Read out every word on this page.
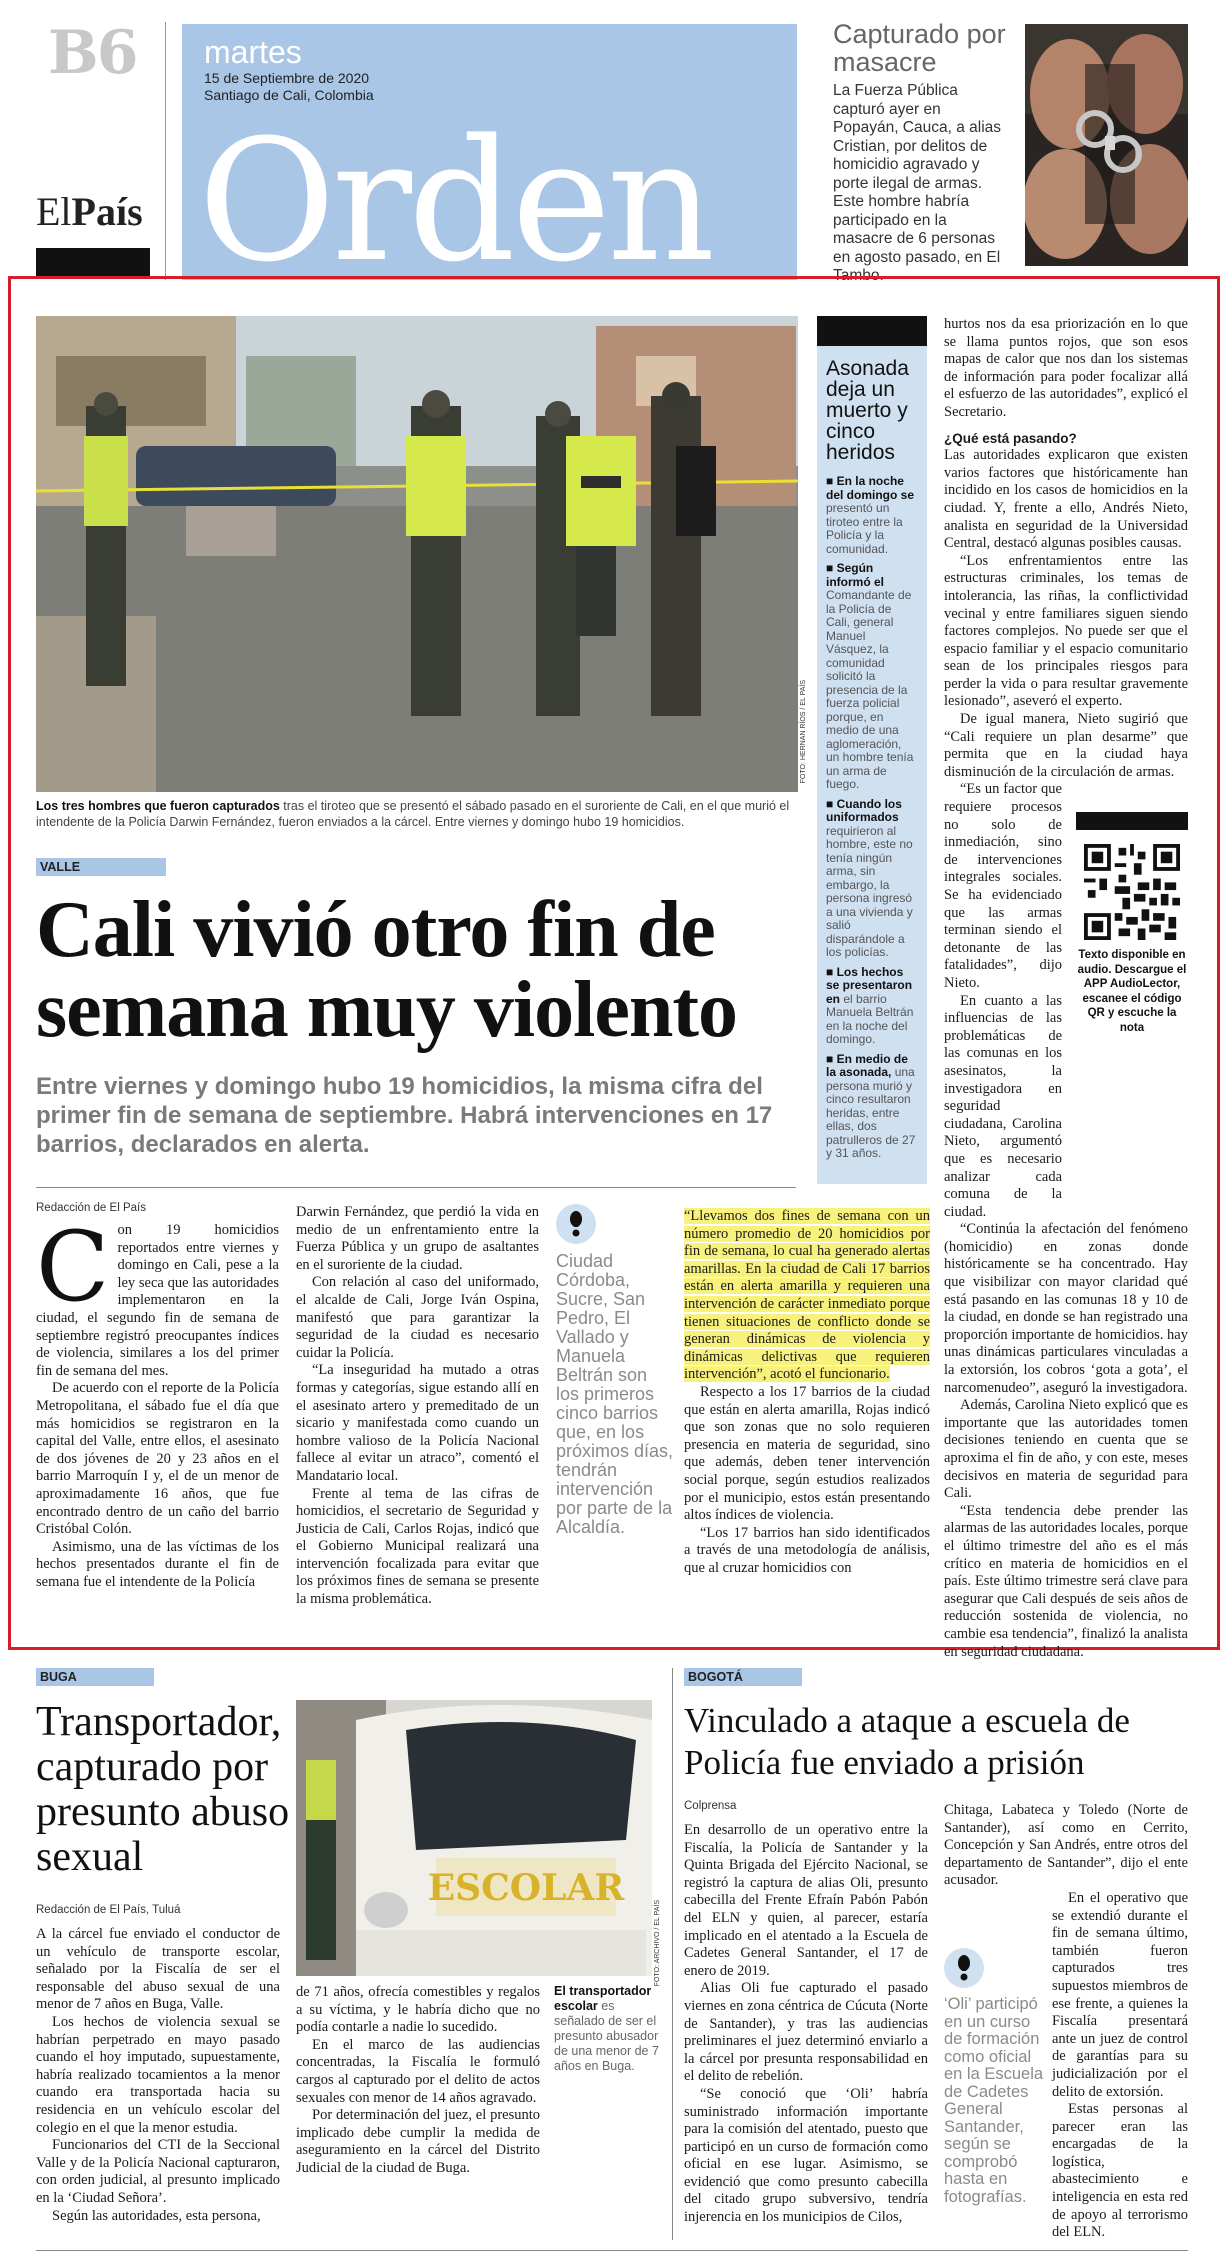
B6
ElPaís
martes
15 de Septiembre de 2020
Santiago de Cali, Colombia
Orden
Capturado por masacre

La Fuerza Pública capturó ayer en Popayán, Cauca, a alias Cristian, por delitos de homicidio agravado y porte ilegal de armas. Este hombre habría participado en la masacre de 6 personas en agosto pasado, en El Tambo.

FOTO: HERNAN RÍOS / EL PAÍS
Los tres hombres que fueron capturados tras el tiroteo que se presentó el sábado pasado en el suroriente de Cali, en el que murió el intendente de la Policía Darwin Fernández, fueron enviados a la cárcel. Entre viernes y domingo hubo 19 homicidios.
VALLE
Cali vivió otro fin de semana muy violento
Entre viernes y domingo hubo 19 homicidios, la misma cifra del primer fin de semana de septiembre. Habrá intervenciones en 17 barrios, declarados en alerta.
Asonada deja un muerto y cinco heridos
■ En la noche del domingo se presentó un tiroteo entre la Policía y la comunidad.
■ Según informó el Comandante de la Policía de Cali, general Manuel Vásquez, la comunidad solicitó la presencia de la fuerza policial porque, en medio de una aglomeración, un hombre tenía un arma de fuego.
■ Cuando los uniformados requirieron al hombre, este no tenía ningún arma, sin embargo, la persona ingresó a una vivienda y salió disparándole a los policías.
■ Los hechos se presentaron en el barrio Manuela Beltrán en la noche del domingo.
■ En medio de la asonada, una persona murió y cinco resultaron heridas, entre ellas, dos patrulleros de 27 y 31 años.
Redacción de El País

Con 19 homicidios reportados entre viernes y domingo en Cali, pese a la ley seca que las autoridades implementaron en la ciudad, el segundo fin de semana de septiembre registró preocupantes índices de violencia, similares a los del primer fin de semana del mes.

De acuerdo con el reporte de la Policía Metropolitana, el sábado fue el día que más homicidios se registraron en la capital del Valle, entre ellos, el asesinato de dos jóvenes de 20 y 23 años en el barrio Marroquín I y, el de un menor de aproximadamente 16 años, que fue encontrado dentro de un caño del barrio Cristóbal Colón.

Asimismo, una de las víctimas de los hechos presentados durante el fin de semana fue el intendente de la Policía

Darwin Fernández, que perdió la vida en medio de un enfrentamiento entre la Fuerza Pública y un grupo de asaltantes en el suroriente de la ciudad.

Con relación al caso del uniformado, el alcalde de Cali, Jorge Iván Ospina, manifestó que para garantizar la seguridad de la ciudad es necesario cuidar la Policía.

“La inseguridad ha mutado a otras formas y categorías, sigue estando allí en el asesinato artero y premeditado de un sicario y manifestada como cuando un hombre valioso de la Policía Nacional fallece al evitar un atraco”, comentó el Mandatario local.

Frente al tema de las cifras de homicidios, el secretario de Seguridad y Justicia de Cali, Carlos Rojas, indicó que el Gobierno Municipal realizará una intervención focalizada para evitar que los próximos fines de semana se presente la misma problemática.

Ciudad Córdoba, Sucre, San Pedro, El Vallado y Manuela Beltrán son los primeros cinco barrios que, en los próximos días, tendrán intervención por parte de la Alcaldía.

“Llevamos dos fines de semana con un número promedio de 20 homicidios por fin de semana, lo cual ha generado alertas amarillas. En la ciudad de Cali 17 barrios están en alerta amarilla y requieren una intervención de carácter inmediato porque tienen situaciones de conflicto donde se generan dinámicas de violencia y dinámicas delictivas que requieren intervención”, acotó el funcionario.

Respecto a los 17 barrios de la ciudad que están en alerta amarilla, Rojas indicó que son zonas que no solo requieren presencia en materia de seguridad, sino que además, deben tener intervención social porque, según estudios realizados por el municipio, estos están presentando altos índices de violencia.

“Los 17 barrios han sido identificados a través de una metodología de análisis, que al cruzar homicidios con

hurtos nos da esa priorización en lo que se llama puntos rojos, que son esos mapas de calor que nos dan los sistemas de información para poder focalizar allá el esfuerzo de las autoridades”, explicó el Secretario.

¿Qué está pasando?

Las autoridades explicaron que existen varios factores que históricamente han incidido en los casos de homicidios en la ciudad. Y, frente a ello, Andrés Nieto, analista en seguridad de la Universidad Central, destacó algunas posibles causas.

“Los enfrentamientos entre las estructuras criminales, los temas de intolerancia, las riñas, la conflictividad vecinal y entre familiares siguen siendo factores complejos. No puede ser que el espacio familiar y el espacio comunitario sean de los principales riesgos para perder la vida o para resultar gravemente lesionado”, aseveró el experto.

De igual manera, Nieto sugirió que “Cali requiere un plan desarme” que permita que en la ciudad haya disminución de la circulación de armas.

“Es un factor que requiere procesos no solo de inmediación, sino de intervenciones integrales sociales. Se ha evidenciado que las armas terminan siendo el detonante de las fatalidades”, dijo Nieto.

En cuanto a las influencias de las problemáticas de las comunas en los asesinatos, la investigadora en seguridad ciudadana, Carolina Nieto, argumentó que es necesario analizar cada comuna de la ciudad.

“Continúa la afectación del fenómeno (homicidio) en zonas donde históricamente se ha concentrado. Hay que visibilizar con mayor claridad qué está pasando en las comunas 18 y 10 de la ciudad, en donde se han registrado una proporción importante de homicidios. hay unas dinámicas particulares vinculadas a la extorsión, los cobros ‘gota a gota’, el narcomenudeo”, aseguró la investigadora.

Además, Carolina Nieto explicó que es importante que las autoridades tomen decisiones teniendo en cuenta que se aproxima el fin de año, y con este, meses decisivos en materia de seguridad para Cali.

“Esta tendencia debe prender las alarmas de las autoridades locales, porque el último trimestre del año es el más crítico en materia de homicidios en el país. Este último trimestre será clave para asegurar que Cali después de seis años de reducción sostenida de violencia, no cambie esa tendencia”, finalizó la analista en seguridad ciudadana.

Texto disponible en audio. Descargue el APP AudioLector, escanee el código QR y escuche la nota

BUGA
Transportador, capturado por presunto abuso sexual
Redacción de El País, Tuluá

A la cárcel fue enviado el conductor de un vehículo de transporte escolar, señalado por la Fiscalía de ser el responsable del abuso sexual de una menor de 7 años en Buga, Valle.

Los hechos de violencia sexual se habrían perpetrado en mayo pasado cuando el hoy imputado, supuestamente, habría realizado tocamientos a la menor cuando era transportada hacia su residencia en un vehículo escolar del colegio en el que la menor estudia.

Funcionarios del CTI de la Seccional Valle y de la Policía Nacional capturaron, con orden judicial, al presunto implicado en la ‘Ciudad Señora’.

Según las autoridades, esta persona,

ESCOLAR
FOTO: ARCHIVO / EL PAÍS

de 71 años, ofrecía comestibles y regalos a su víctima, y le habría dicho que no podía contarle a nadie lo sucedido.

En el marco de las audiencias concentradas, la Fiscalía le formuló cargos al capturado por el delito de actos sexuales con menor de 14 años agravado.

Por determinación del juez, el presunto implicado debe cumplir la medida de aseguramiento en la cárcel del Distrito Judicial de la ciudad de Buga.

El transportador escolar es señalado de ser el presunto abusador de una menor de 7 años en Buga.
BOGOTÁ
Vinculado a ataque a escuela de Policía fue enviado a prisión
Colprensa

En desarrollo de un operativo entre la Fiscalía, la Policía de Santander y la Quinta Brigada del Ejército Nacional, se registró la captura de alias Oli, presunto cabecilla del Frente Efraín Pabón Pabón del ELN y quien, al parecer, estaría implicado en el atentado a la Escuela de Cadetes General Santander, el 17 de enero de 2019.

Alias Oli fue capturado el pasado viernes en zona céntrica de Cúcuta (Norte de Santander), y tras las audiencias preliminares el juez determinó enviarlo a la cárcel por presunta responsabilidad en el delito de rebelión.

“Se conoció que ‘Oli’ habría suministrado información importante para la comisión del atentado, puesto que participó en un curso de formación como oficial en ese lugar. Asimismo, se evidenció que como presunto cabecilla del citado grupo subversivo, tendría injerencia en los municipios de Cilos,

Chitaga, Labateca y Toledo (Norte de Santander), así como en Cerrito, Concepción y San Andrés, entre otros del departamento de Santander”, dijo el ente acusador.

En el operativo que se extendió durante el fin de semana último, también fueron capturados tres supuestos miembros de ese frente, a quienes la Fiscalía presentará ante un juez de control de garantías para su judicialización por el delito de extorsión.

Estas personas al parecer eran las encargadas de la logística, abastecimiento e inteligencia en esta red de apoyo al terrorismo del ELN.

‘Oli’ participó en un curso de formación como oficial en la Escuela de Cadetes General Santander, según se comprobó hasta en fotografías.
